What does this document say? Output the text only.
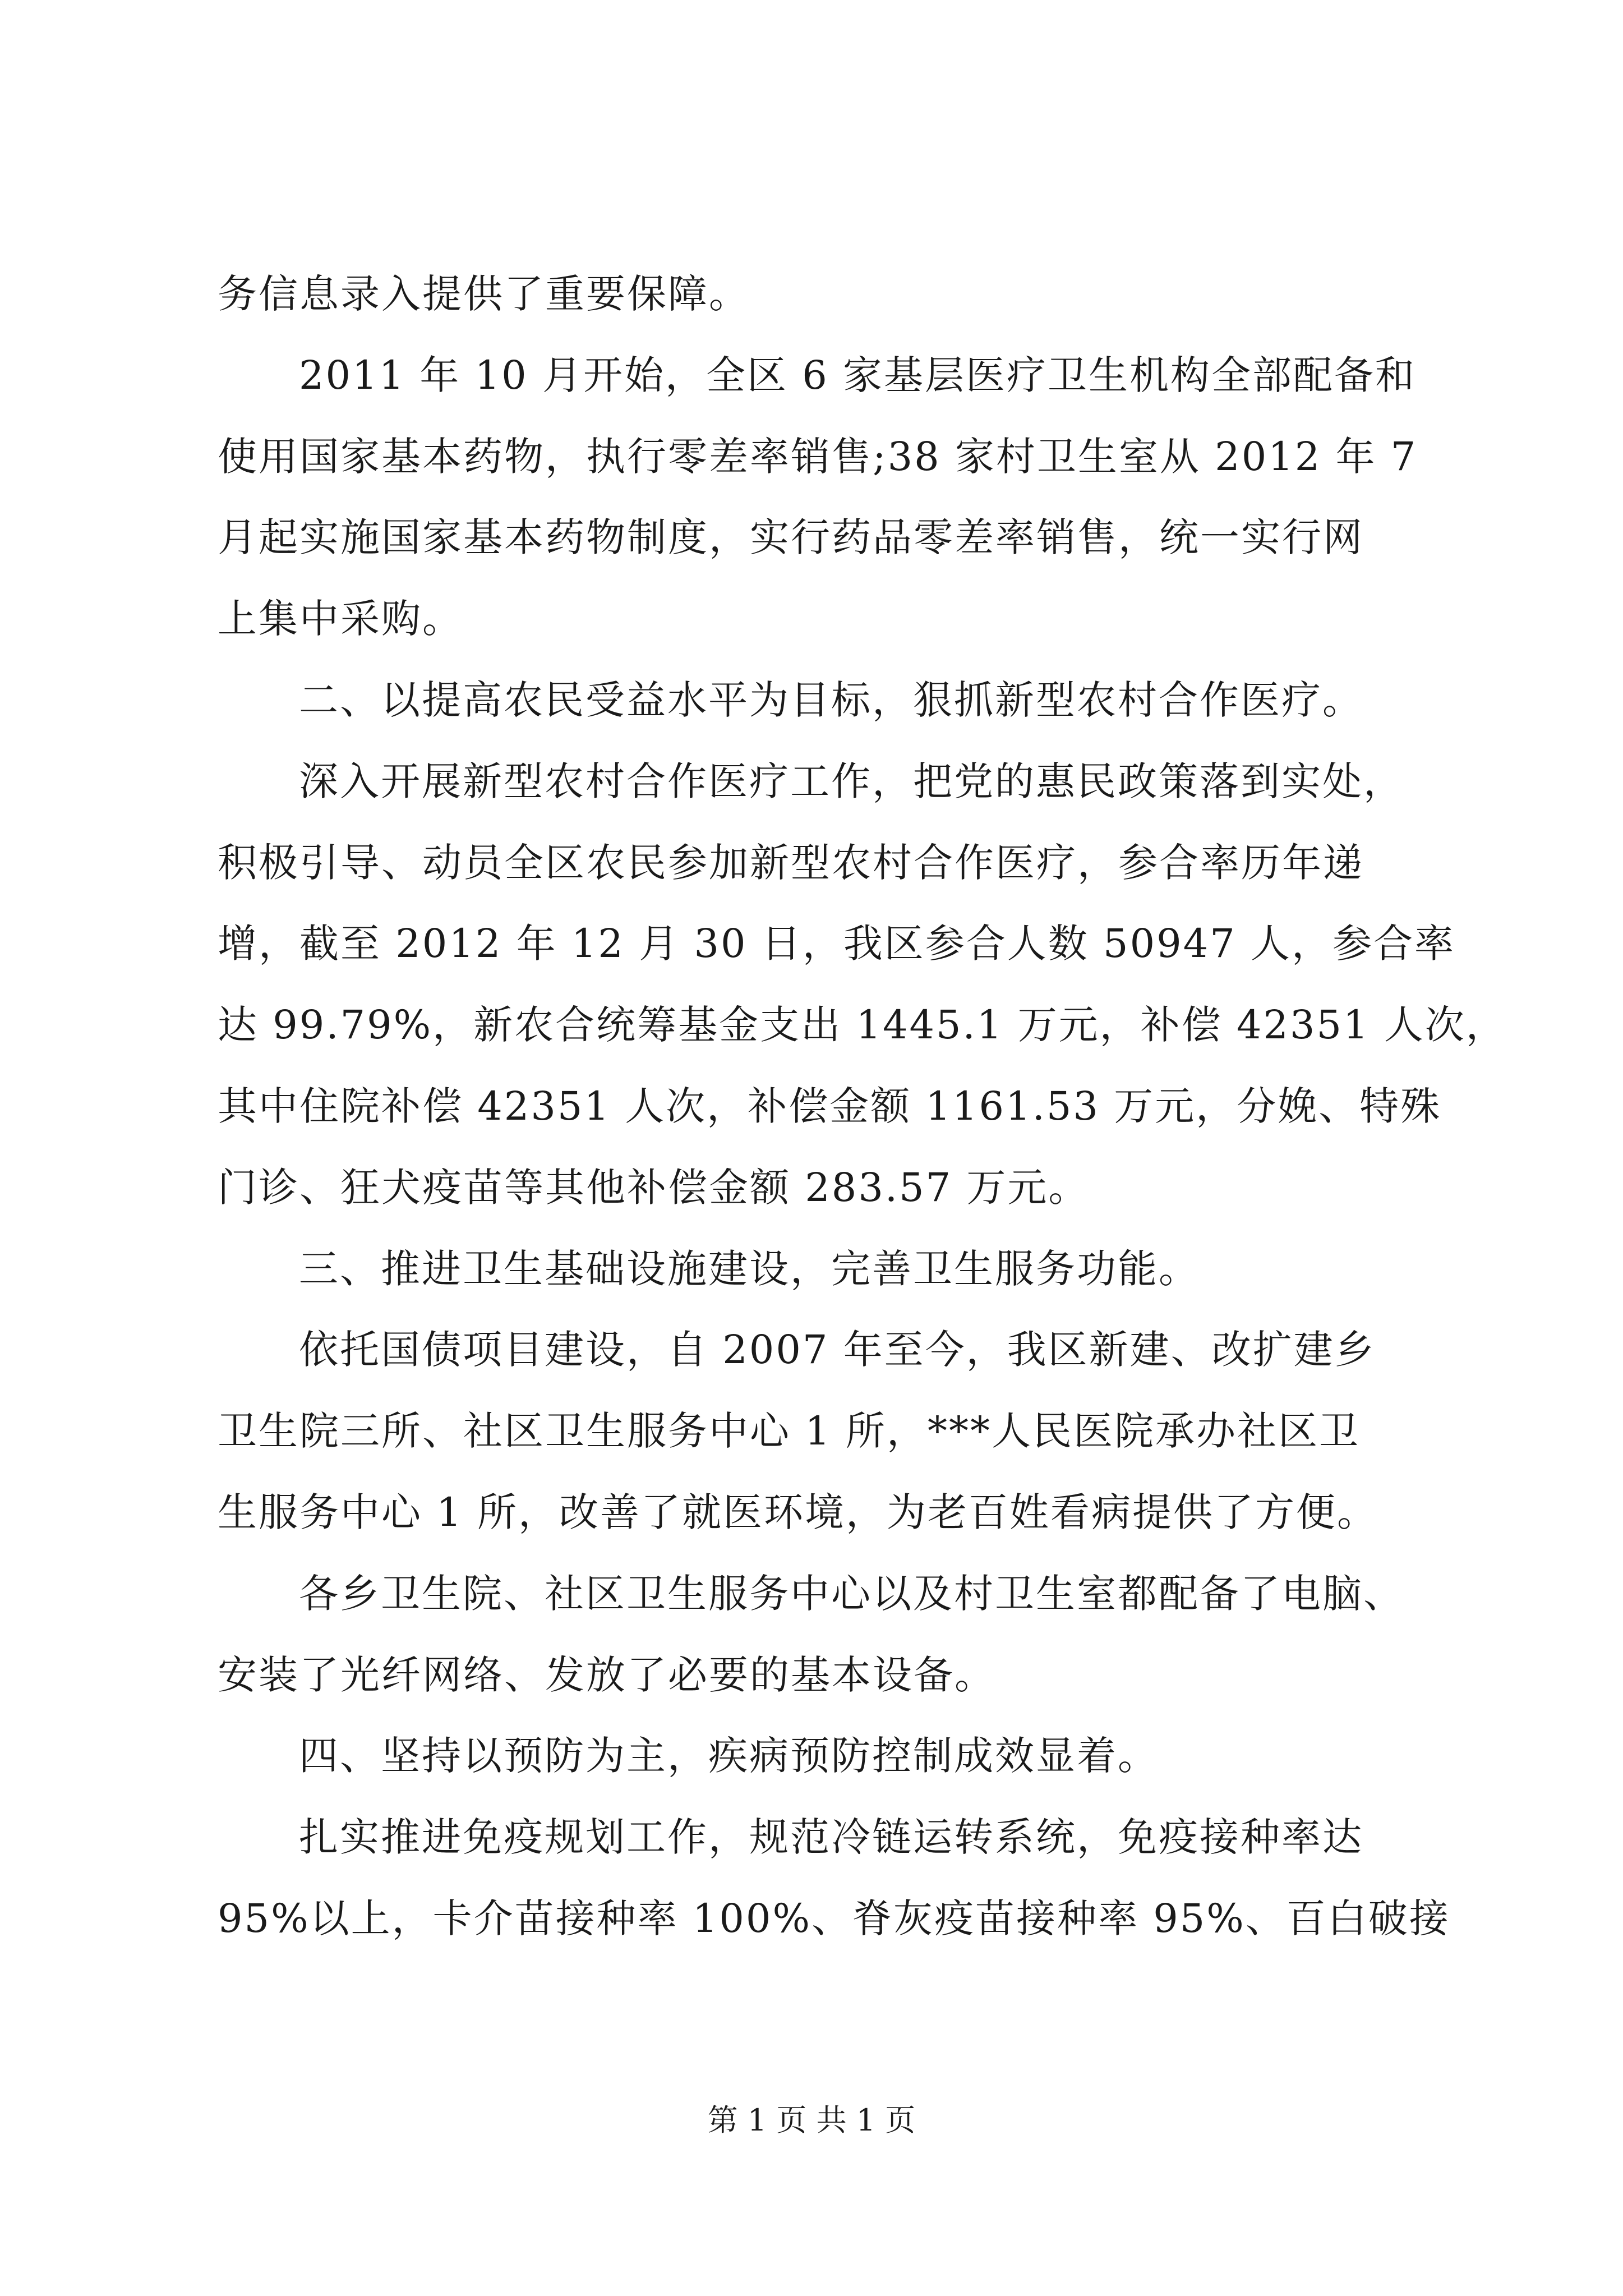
务信息录入提供了重要保障。
2011 年 10 月开始，全区 6 家基层医疗卫生机构全部配备和
使用国家基本药物，执行零差率销售;38 家村卫生室从 2012 年 7
月起实施国家基本药物制度，实行药品零差率销售，统一实行网
上集中采购。
二、以提高农民受益水平为目标，狠抓新型农村合作医疗。
深入开展新型农村合作医疗工作，把党的惠民政策落到实处，
积极引导、动员全区农民参加新型农村合作医疗，参合率历年递
增，截至 2012 年 12 月 30 日，我区参合人数 50947 人，参合率
达 99.79%，新农合统筹基金支出 1445.1 万元，补偿 42351 人次，
其中住院补偿 42351 人次，补偿金额 1161.53 万元，分娩、特殊
门诊、狂犬疫苗等其他补偿金额 283.57 万元。
三、推进卫生基础设施建设，完善卫生服务功能。
依托国债项目建设，自 2007 年至今，我区新建、改扩建乡
卫生院三所、社区卫生服务中心 1 所，***人民医院承办社区卫
生服务中心 1 所，改善了就医环境，为老百姓看病提供了方便。
各乡卫生院、社区卫生服务中心以及村卫生室都配备了电脑、
安装了光纤网络、发放了必要的基本设备。
四、坚持以预防为主，疾病预防控制成效显着。
扎实推进免疫规划工作，规范冷链运转系统，免疫接种率达
95%以上，卡介苗接种率 100%、脊灰疫苗接种率 95%、百白破接
第 1 页 共 1 页
